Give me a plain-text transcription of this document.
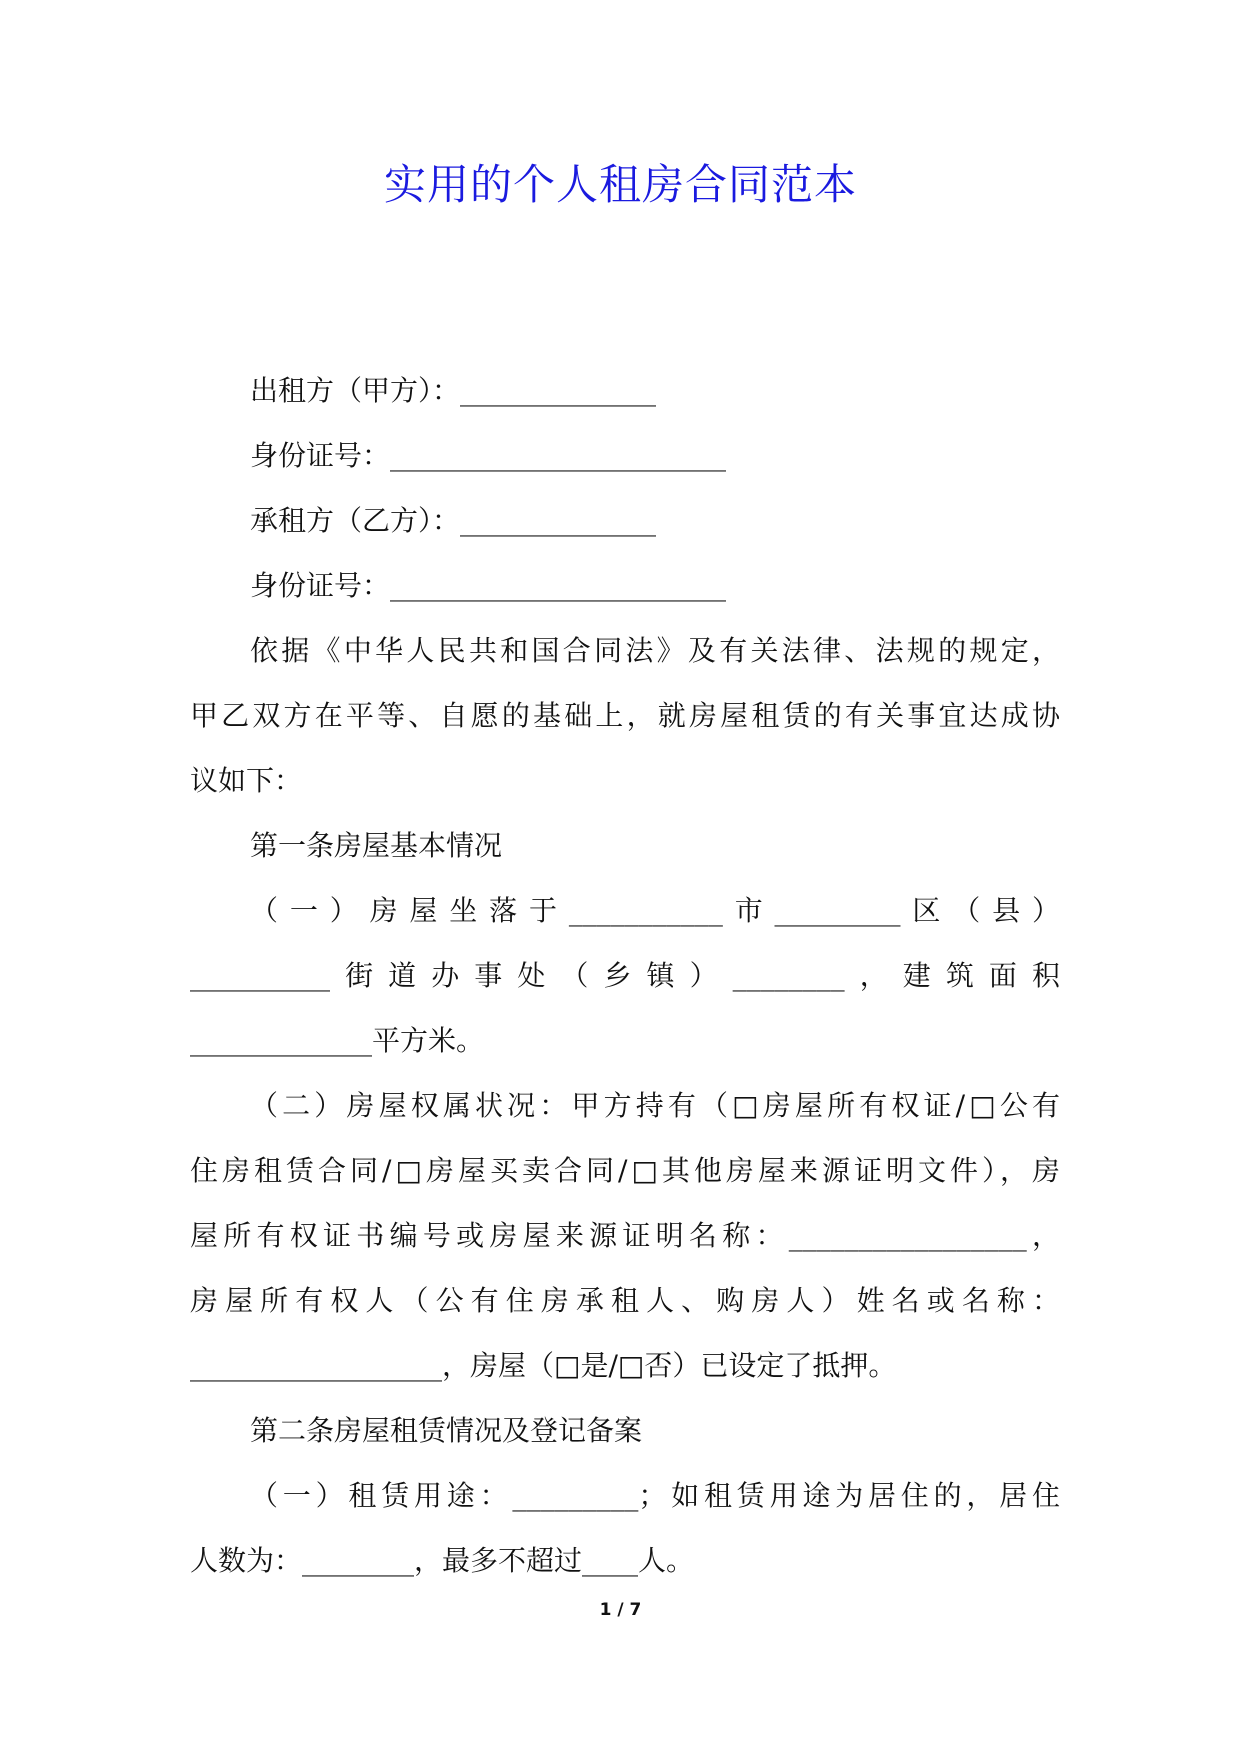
实用的个人租房合同范本
出租方（甲方）：______________
身份证号：________________________
承租方（乙方）：______________
身份证号：________________________
依据《中华人民共和国合同法》及有关法律、法规的规定，
甲乙双方在平等、自愿的基础上，就房屋租赁的有关事宜达成协
议如下：
第一条房屋基本情况
（一）房屋坐落于___________市_________区（县）
__________街道办事处（乡镇）________，建筑面积
_____________平方米。
（二）房屋权属状况：甲方持有（□房屋所有权证/□公有
住房租赁合同/□房屋买卖合同/□其他房屋来源证明文件），房
屋所有权证书编号或房屋来源证明名称：_________________，
房屋所有权人（公有住房承租人、购房人）姓名或名称：
__________________，房屋（□是/□否）已设定了抵押。
第二条房屋租赁情况及登记备案
（一）租赁用途：_________；如租赁用途为居住的，居住
人数为：________，最多不超过____人。
1 / 7
